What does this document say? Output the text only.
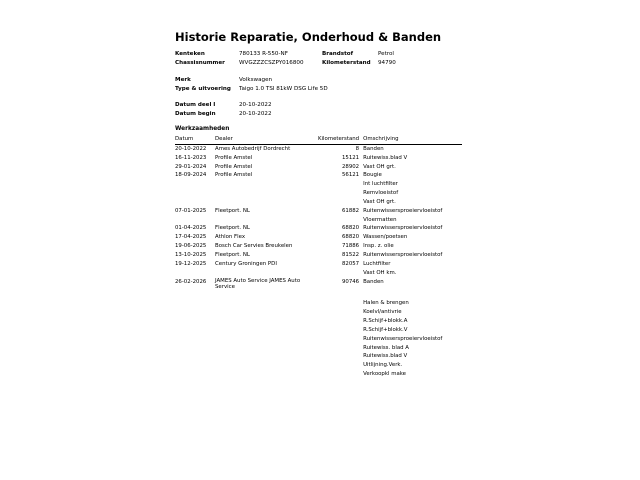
Historie Reparatie, Onderhoud & Banden
Kenteken	780133 R-550-NF	Brandstof	Petrol
Chassisnummer	WVGZZZCSZPY016800	Kilometerstand 94790
Merk	Volkswagen
Type & uitvoering Taigo 1.0 TSI 81kW DSG Life 5D
Datum deel I	20-10-2022
Datum begin	20-10-2022
Werkzaamheden
Datum	Dealer	Kilometerstand	Omschrijving
20-10-2022	Ames Autobedrijf Dordrecht	8	Banden
16-11-2023	Profile Amstel	15121	Ruitewiss.blad V
29-01-2024	Profile Amstel	28902	Vast OH grt.
18-09-2024	Profile Amstel	56121	Bougie
			Int luchtfilter
			Remvloeistof
			Vast OH grt.
07-01-2025	Fleetport. NL	61882	Ruitenwissersproeiervloeistof
			Vloermatten
01-04-2025	Fleetport. NL	68820	Ruitenwissersproeiervloeistof
17-04-2025	Athlon Flex	68820	Wassen/poetsen
19-06-2025	Bosch Car Servies Breukelen	71886	Insp. z. olie
13-10-2025	Fleetport. NL	81522	Ruitenwissersproeiervloeistof
19-12-2025	Century Groningen PDI	82057	Luchtfilter
			Vast OH km.
26-02-2026	JAMES Auto Service JAMES Auto Service	90746	Banden

			Halen & brengen
			Koelvl/antivrie
			R.Schijf+blokk.A
			R.Schijf+blokk.V
			Ruitenwissersproeiervloeistof
			Ruitewiss. blad A
			Ruitewiss.blad V
			Uitlijning.Verk.
			Verkoopkl make
